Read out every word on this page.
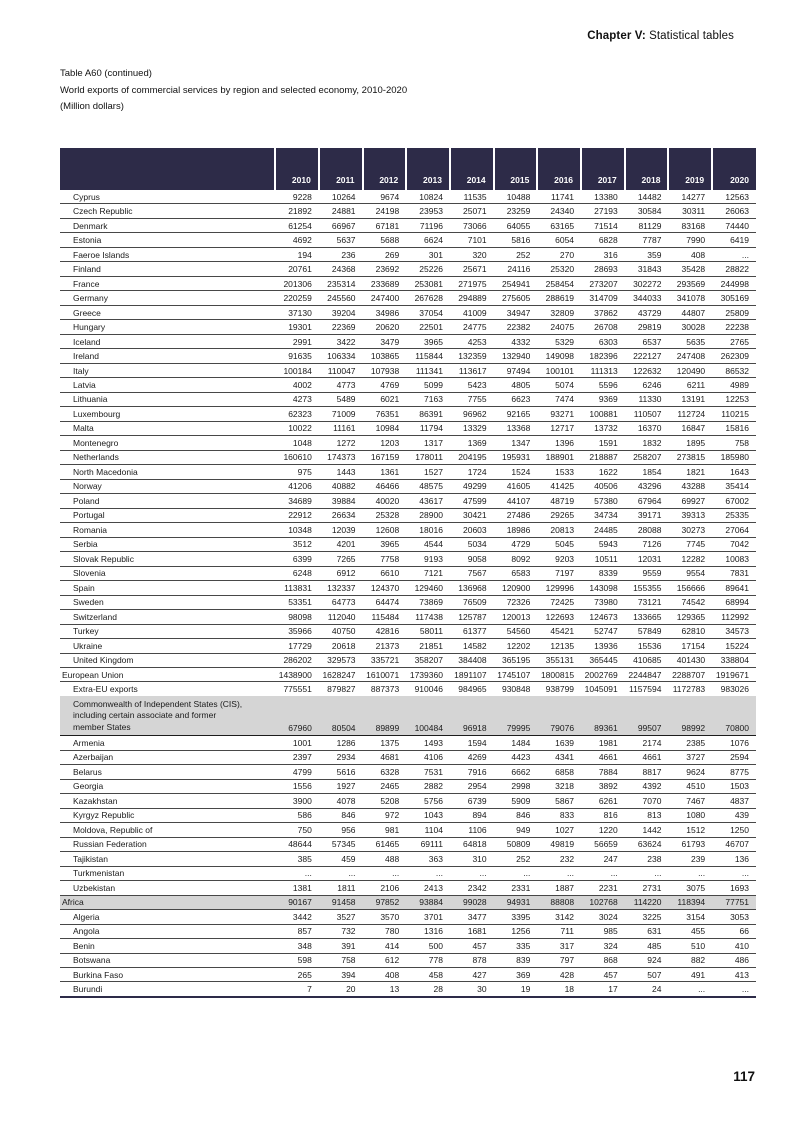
Chapter V: Statistical tables
Table A60 (continued)
World exports of commercial services by region and selected economy, 2010-2020
(Million dollars)
	2010	2011	2012	2013	2014	2015	2016	2017	2018	2019	2020
Cyprus	9228	10264	9674	10824	11535	10488	11741	13380	14482	14277	12563
Czech Republic	21892	24881	24198	23953	25071	23259	24340	27193	30584	30311	26063
Denmark	61254	66967	67181	71196	73066	64055	63165	71514	81129	83168	74440
Estonia	4692	5637	5688	6624	7101	5816	6054	6828	7787	7990	6419
Faeroe Islands	194	236	269	301	320	252	270	316	359	408	...
Finland	20761	24368	23692	25226	25671	24116	25320	28693	31843	35428	28822
France	201306	235314	233689	253081	271975	254941	258454	273207	302272	293569	244998
Germany	220259	245560	247400	267628	294889	275605	288619	314709	344033	341078	305169
Greece	37130	39204	34986	37054	41009	34947	32809	37862	43729	44807	25809
Hungary	19301	22369	20620	22501	24775	22382	24075	26708	29819	30028	22238
Iceland	2991	3422	3479	3965	4253	4332	5329	6303	6537	5635	2765
Ireland	91635	106334	103865	115844	132359	132940	149098	182396	222127	247408	262309
Italy	100184	110047	107938	111341	113617	97494	100101	111313	122632	120490	86532
Latvia	4002	4773	4769	5099	5423	4805	5074	5596	6246	6211	4989
Lithuania	4273	5489	6021	7163	7755	6623	7474	9369	11330	13191	12253
Luxembourg	62323	71009	76351	86391	96962	92165	93271	100881	110507	112724	110215
Malta	10022	11161	10984	11794	13329	13368	12717	13732	16370	16847	15816
Montenegro	1048	1272	1203	1317	1369	1347	1396	1591	1832	1895	758
Netherlands	160610	174373	167159	178011	204195	195931	188901	218887	258207	273815	185980
North Macedonia	975	1443	1361	1527	1724	1524	1533	1622	1854	1821	1643
Norway	41206	40882	46466	48575	49299	41605	41425	40506	43296	43288	35414
Poland	34689	39884	40020	43617	47599	44107	48719	57380	67964	69927	67002
Portugal	22912	26634	25328	28900	30421	27486	29265	34734	39171	39313	25335
Romania	10348	12039	12608	18016	20603	18986	20813	24485	28088	30273	27064
Serbia	3512	4201	3965	4544	5034	4729	5045	5943	7126	7745	7042
Slovak Republic	6399	7265	7758	9193	9058	8092	9203	10511	12031	12282	10083
Slovenia	6248	6912	6610	7121	7567	6583	7197	8339	9559	9554	7831
Spain	113831	132337	124370	129460	136968	120900	129996	143098	155355	156666	89641
Sweden	53351	64773	64474	73869	76509	72326	72425	73980	73121	74542	68994
Switzerland	98098	112040	115484	117438	125787	120013	122693	124673	133665	129365	112992
Turkey	35966	40750	42816	58011	61377	54560	45421	52747	57849	62810	34573
Ukraine	17729	20618	21373	21851	14582	12202	12135	13936	15536	17154	15224
United Kingdom	286202	329573	335721	358207	384408	365195	355131	365445	410685	401430	338804
European Union	1438900	1628247	1610071	1739360	1891107	1745107	1800815	2002769	2244847	2288707	1919671
Extra-EU exports	775551	879827	887373	910046	984965	930848	938799	1045091	1157594	1172783	983026

Commonwealth of Independent States (CIS),
including certain associate and former
member States	67960	80504	89899	100484	96918	79995	79076	89361	99507	98992	70800
Armenia	1001	1286	1375	1493	1594	1484	1639	1981	2174	2385	1076
Azerbaijan	2397	2934	4681	4106	4269	4423	4341	4661	4661	3727	2594
Belarus	4799	5616	6328	7531	7916	6662	6858	7884	8817	9624	8775
Georgia	1556	1927	2465	2882	2954	2998	3218	3892	4392	4510	1503
Kazakhstan	3900	4078	5208	5756	6739	5909	5867	6261	7070	7467	4837
Kyrgyz Republic	586	846	972	1043	894	846	833	816	813	1080	439
Moldova, Republic of	750	956	981	1104	1106	949	1027	1220	1442	1512	1250
Russian Federation	48644	57345	61465	69111	64818	50809	49819	56659	63624	61793	46707
Tajikistan	385	459	488	363	310	252	232	247	238	239	136
Turkmenistan	...	...	...	...	...	...	...	...	...	...	...
Uzbekistan	1381	1811	2106	2413	2342	2331	1887	2231	2731	3075	1693
Africa	90167	91458	97852	93884	99028	94931	88808	102768	114220	118394	77751
Algeria	3442	3527	3570	3701	3477	3395	3142	3024	3225	3154	3053
Angola	857	732	780	1316	1681	1256	711	985	631	455	66
Benin	348	391	414	500	457	335	317	324	485	510	410
Botswana	598	758	612	778	878	839	797	868	924	882	486
Burkina Faso	265	394	408	458	427	369	428	457	507	491	413
Burundi	7	20	13	28	30	19	18	17	24	...	...
117
